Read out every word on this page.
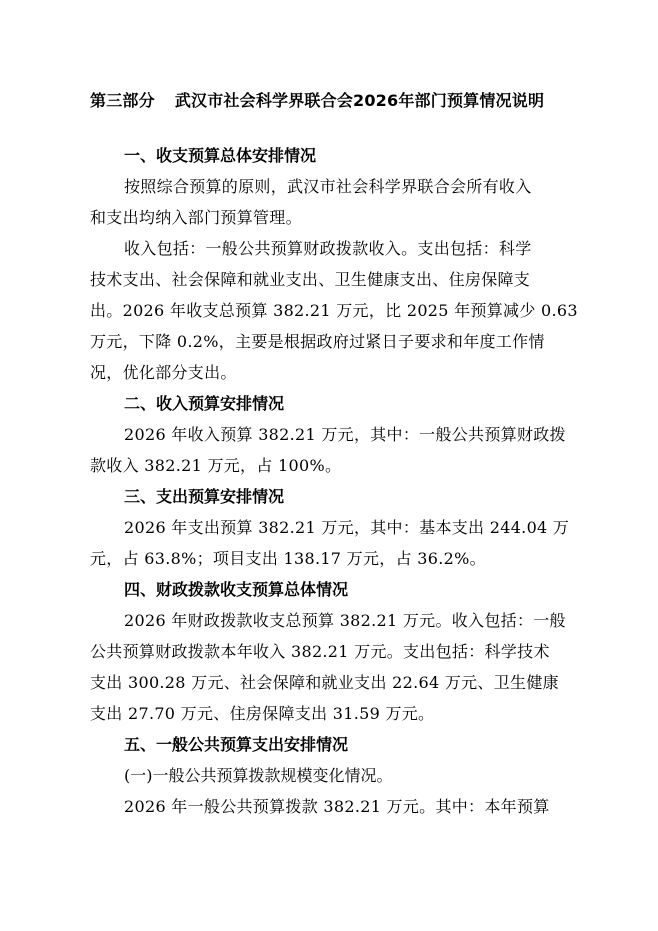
第三部分 武汉市社会科学界联合会2026年部门预算情况说明
一、收支预算总体安排情况
按照综合预算的原则，武汉市社会科学界联合会所有收入
和支出均纳入部门预算管理。
收入包括：一般公共预算财政拨款收入。支出包括：科学
技术支出、社会保障和就业支出、卫生健康支出、住房保障支
出。2026 年收支总预算 382.21 万元，比 2025 年预算减少 0.63
万元，下降 0.2%，主要是根据政府过紧日子要求和年度工作情
况，优化部分支出。
二、收入预算安排情况
2026 年收入预算 382.21 万元，其中：一般公共预算财政拨
款收入 382.21 万元，占 100%。
三、支出预算安排情况
2026 年支出预算 382.21 万元，其中：基本支出 244.04 万
元，占 63.8%；项目支出 138.17 万元，占 36.2%。
四、财政拨款收支预算总体情况
2026 年财政拨款收支总预算 382.21 万元。收入包括：一般
公共预算财政拨款本年收入 382.21 万元。支出包括：科学技术
支出 300.28 万元、社会保障和就业支出 22.64 万元、卫生健康
支出 27.70 万元、住房保障支出 31.59 万元。
五、一般公共预算支出安排情况
(一)一般公共预算拨款规模变化情况。
2026 年一般公共预算拨款 382.21 万元。其中：本年预算
